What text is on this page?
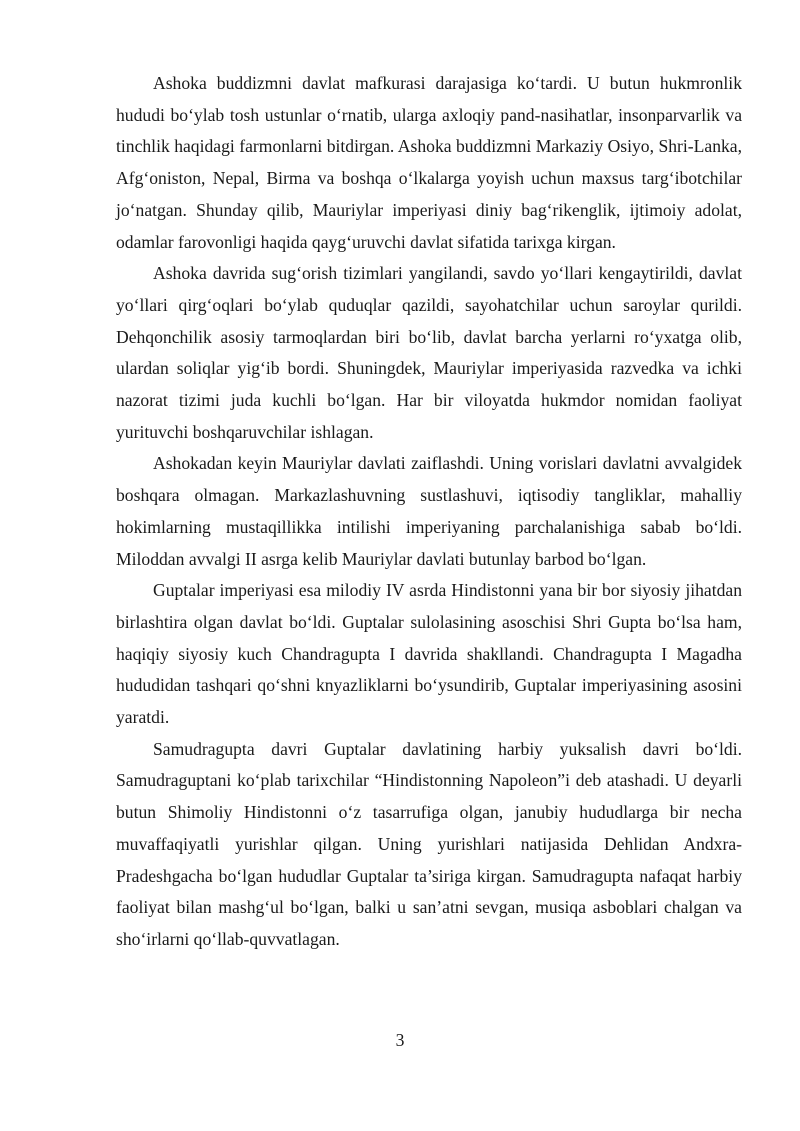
Ashoka buddizmni davlat mafkurasi darajasiga ko‘tardi. U butun hukmronlik hududi bo‘ylab tosh ustunlar o‘rnatib, ularga axloqiy pand-nasihatlar, insonparvarlik va tinchlik haqidagi farmonlarni bitdirgan. Ashoka buddizmni Markaziy Osiyo, Shri-Lanka, Afg‘oniston, Nepal, Birma va boshqa o‘lkalarga yoyish uchun maxsus targ‘ibotchilar jo‘natgan. Shunday qilib, Mauriylar imperiyasi diniy bag‘rikenglik, ijtimoiy adolat, odamlar farovonligi haqida qayg‘uruvchi davlat sifatida tarixga kirgan.

Ashoka davrida sug‘orish tizimlari yangilandi, savdo yo‘llari kengaytirildi, davlat yo‘llari qirg‘oqlari bo‘ylab quduqlar qazildi, sayohatchilar uchun saroylar qurildi. Dehqonchilik asosiy tarmoqlardan biri bo‘lib, davlat barcha yerlarni ro‘yxatga olib, ulardan soliqlar yig‘ib bordi. Shuningdek, Mauriylar imperiyasida razvedka va ichki nazorat tizimi juda kuchli bo‘lgan. Har bir viloyatda hukmdor nomidan faoliyat yurituvchi boshqaruvchilar ishlagan.

Ashokadan keyin Mauriylar davlati zaiflashdi. Uning vorislari davlatni avvalgidek boshqara olmagan. Markazlashuvning sustlashuvi, iqtisodiy tangliklar, mahalliy hokimlarning mustaqillikka intilishi imperiyaning parchalanishiga sabab bo‘ldi. Miloddan avvalgi II asrga kelib Mauriylar davlati butunlay barbod bo‘lgan.

Guptalar imperiyasi esa milodiy IV asrda Hindistonni yana bir bor siyosiy jihatdan birlashtira olgan davlat bo‘ldi. Guptalar sulolasining asoschisi Shri Gupta bo‘lsa ham, haqiqiy siyosiy kuch Chandragupta I davrida shakllandi. Chandragupta I Magadha hududidan tashqari qo‘shni knyazliklarni bo‘ysundirib, Guptalar imperiyasining asosini yaratdi.

Samudragupta davri Guptalar davlatining harbiy yuksalish davri bo‘ldi. Samudraguptani ko‘plab tarixchilar “Hindistonning Napoleon”i deb atashadi. U deyarli butun Shimoliy Hindistonni o‘z tasarrufiga olgan, janubiy hududlarga bir necha muvaffaqiyatli yurishlar qilgan. Uning yurishlari natijasida Dehlidan Andxra-Pradeshgacha bo‘lgan hududlar Guptalar ta’siriga kirgan. Samudragupta nafaqat harbiy faoliyat bilan mashg‘ul bo‘lgan, balki u san’atni sevgan, musiqa asboblari chalgan va sho‘irlarni qo‘llab-quvvatlagan.

3
